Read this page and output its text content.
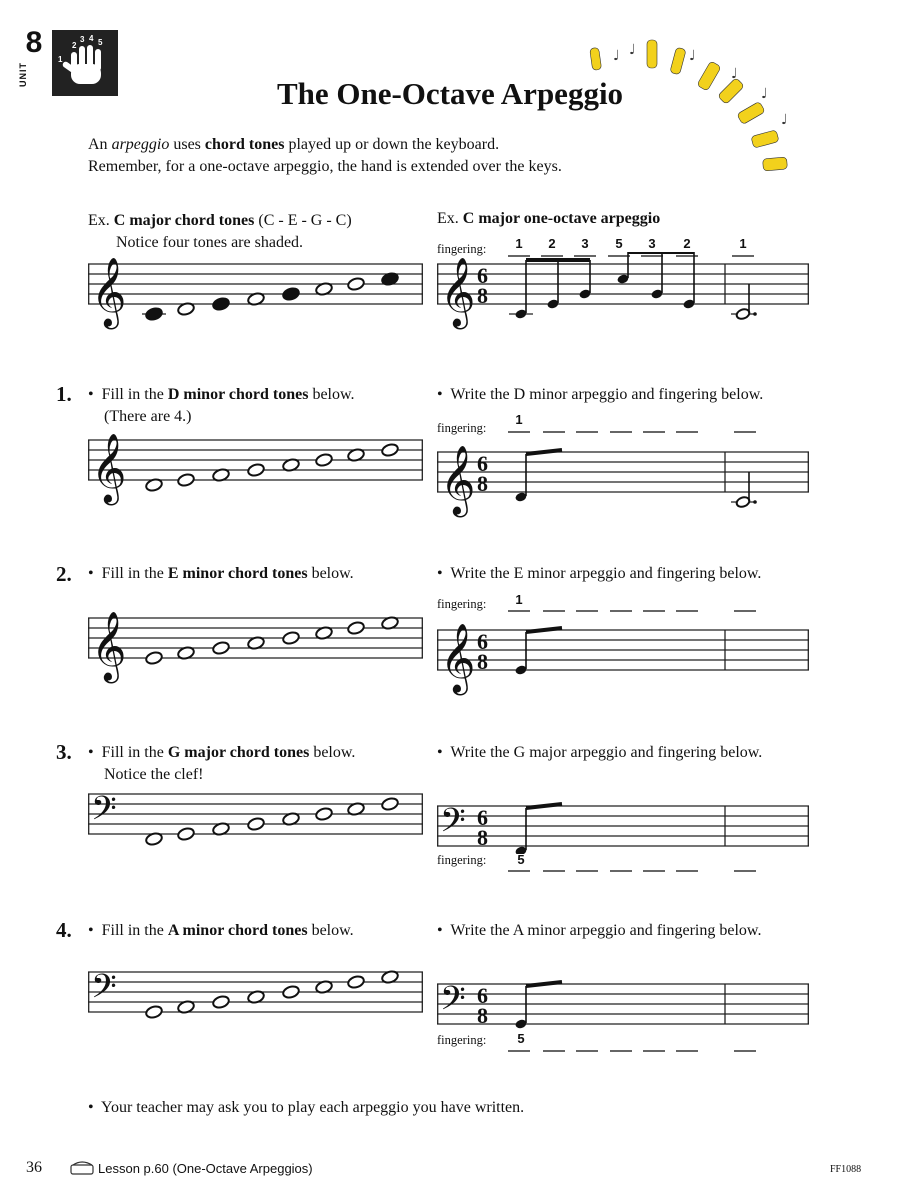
8
UNIT
2
3 4 5
1	♩ ♩	♩
♩
♩
♩
arpeggio
The One-Octave Arpeggio
An arpeggio uses chord tones played up or down the keyboard.
Remember, for a one-octave arpeggio, the hand is extended over the keys.
Ex. C major chord tones (C - E - G - C)
Notice four tones are shaded.
Ex. C major one-octave arpeggio
fingering:	1	2	3	5	3	2	1
𝄞	𝄞 6
8
1. •  Fill in the D minor chord tones below.
(There are 4.)
•  Write the D minor arpeggio and fingering below.
fingering:
1
2. •  Fill in the E minor chord tones below.	•  Write the E minor arpeggio and fingering below.
fingering:	1
3. •  Fill in the G major chord tones below.
Notice the clef!
•  Write the G major arpeggio and fingering below.
fingering:	5
4. •  Fill in the A minor chord tones below.	•  Write the A minor arpeggio and fingering below.
fingering:	5
𝄞	𝄞 6
8
𝄞	𝄞 6
8
𝄢	𝄢 6
8
𝄢	𝄢 6
8
•  Your teacher may ask you to play each arpeggio you have written.
36	Lesson p.60 (One-Octave Arpeggios)	FF1088
